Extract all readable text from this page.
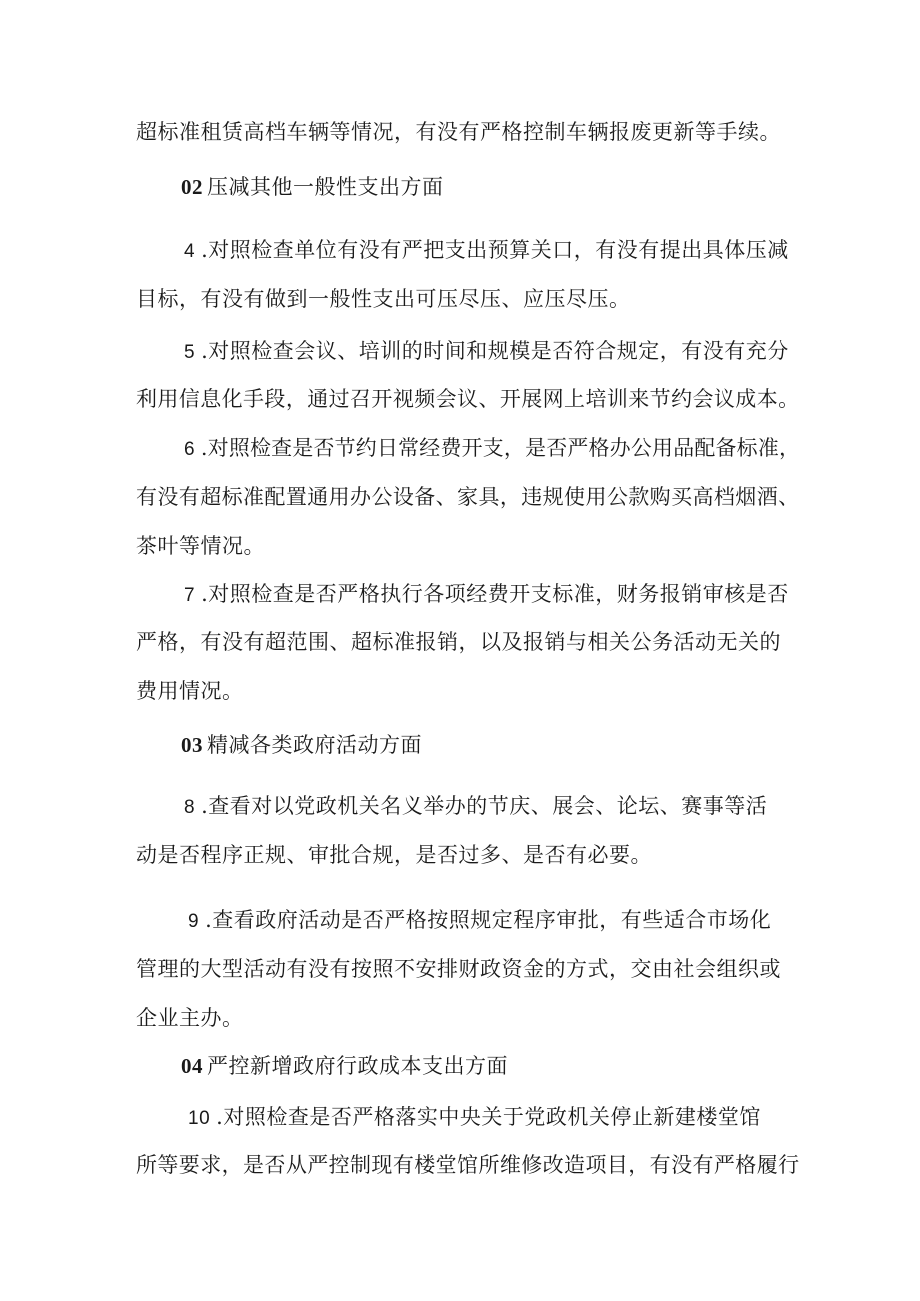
超标准租赁高档车辆等情况，有没有严格控制车辆报废更新等手续。
02 压减其他一般性支出方面
4 .对照检查单位有没有严把支出预算关口，有没有提出具体压减
目标，有没有做到一般性支出可压尽压、应压尽压。
5 .对照检查会议、培训的时间和规模是否符合规定，有没有充分
利用信息化手段，通过召开视频会议、开展网上培训来节约会议成本。
6 .对照检查是否节约日常经费开支，是否严格办公用品配备标准，
有没有超标准配置通用办公设备、家具，违规使用公款购买高档烟酒、
茶叶等情况。
7 .对照检查是否严格执行各项经费开支标准，财务报销审核是否
严格，有没有超范围、超标准报销，以及报销与相关公务活动无关的
费用情况。
03 精减各类政府活动方面
8 .查看对以党政机关名义举办的节庆、展会、论坛、赛事等活
动是否程序正规、审批合规，是否过多、是否有必要。
9 .查看政府活动是否严格按照规定程序审批，有些适合市场化
管理的大型活动有没有按照不安排财政资金的方式，交由社会组织或
企业主办。
04 严控新增政府行政成本支出方面
10 .对照检查是否严格落实中央关于党政机关停止新建楼堂馆
所等要求，是否从严控制现有楼堂馆所维修改造项目，有没有严格履行
